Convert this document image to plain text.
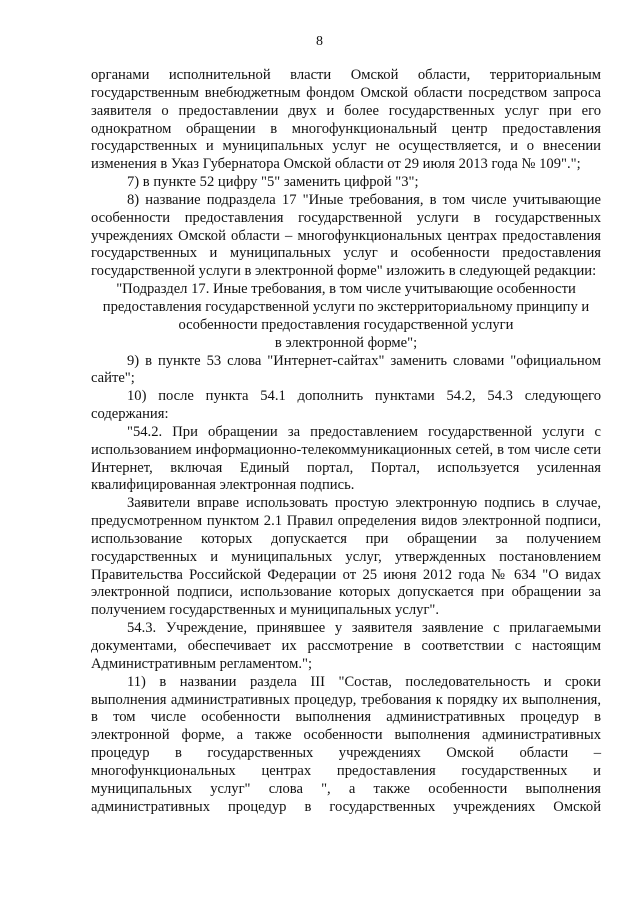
8

органами исполнительной власти Омской области, территориальным государственным внебюджетным фондом Омской области посредством запроса заявителя о предоставлении двух и более государственных услуг при его однократном обращении в многофункциональный центр предоставления государственных и муниципальных услуг не осуществляется, и о внесении изменения в Указ Губернатора Омской области от 29 июля 2013 года № 109".";

7) в пункте 52 цифру "5" заменить цифрой "3";

8) название подраздела 17 "Иные требования, в том числе учитывающие особенности предоставления государственной услуги в государственных учреждениях Омской области – многофункциональных центрах предоставления государственных и муниципальных услуг и особенности предоставления государственной услуги в электронной форме" изложить в следующей редакции:

"Подраздел 17. Иные требования, в том числе учитывающие особенности предоставления государственной услуги по экстерриториальному принципу и особенности предоставления государственной услуги

в электронной форме";

9) в пункте 53 слова "Интернет-сайтах" заменить словами "официальном сайте";

10) после пункта 54.1 дополнить пунктами 54.2, 54.3 следующего содержания:

"54.2. При обращении за предоставлением государственной услуги с использованием информационно-телекоммуникационных сетей, в том числе сети Интернет, включая Единый портал, Портал, используется усиленная квалифицированная электронная подпись.

Заявители вправе использовать простую электронную подпись в случае, предусмотренном пунктом 2.1 Правил определения видов электронной подписи, использование которых допускается при обращении за получением государственных и муниципальных услуг, утвержденных постановлением Правительства Российской Федерации от 25 июня 2012 года № 634 "О видах электронной подписи, использование которых допускается при обращении за получением государственных и муниципальных услуг".

54.3. Учреждение, принявшее у заявителя заявление с прилагаемыми документами, обеспечивает их рассмотрение в соответствии с настоящим Административным регламентом.";

11) в названии раздела III "Состав, последовательность и сроки выполнения административных процедур, требования к порядку их выполнения, в том числе особенности выполнения административных процедур в электронной форме, а также особенности выполнения административных процедур в государственных учреждениях Омской области – многофункциональных центрах предоставления государственных и муниципальных услуг" слова ", а также особенности выполнения административных процедур в государственных учреждениях Омской
